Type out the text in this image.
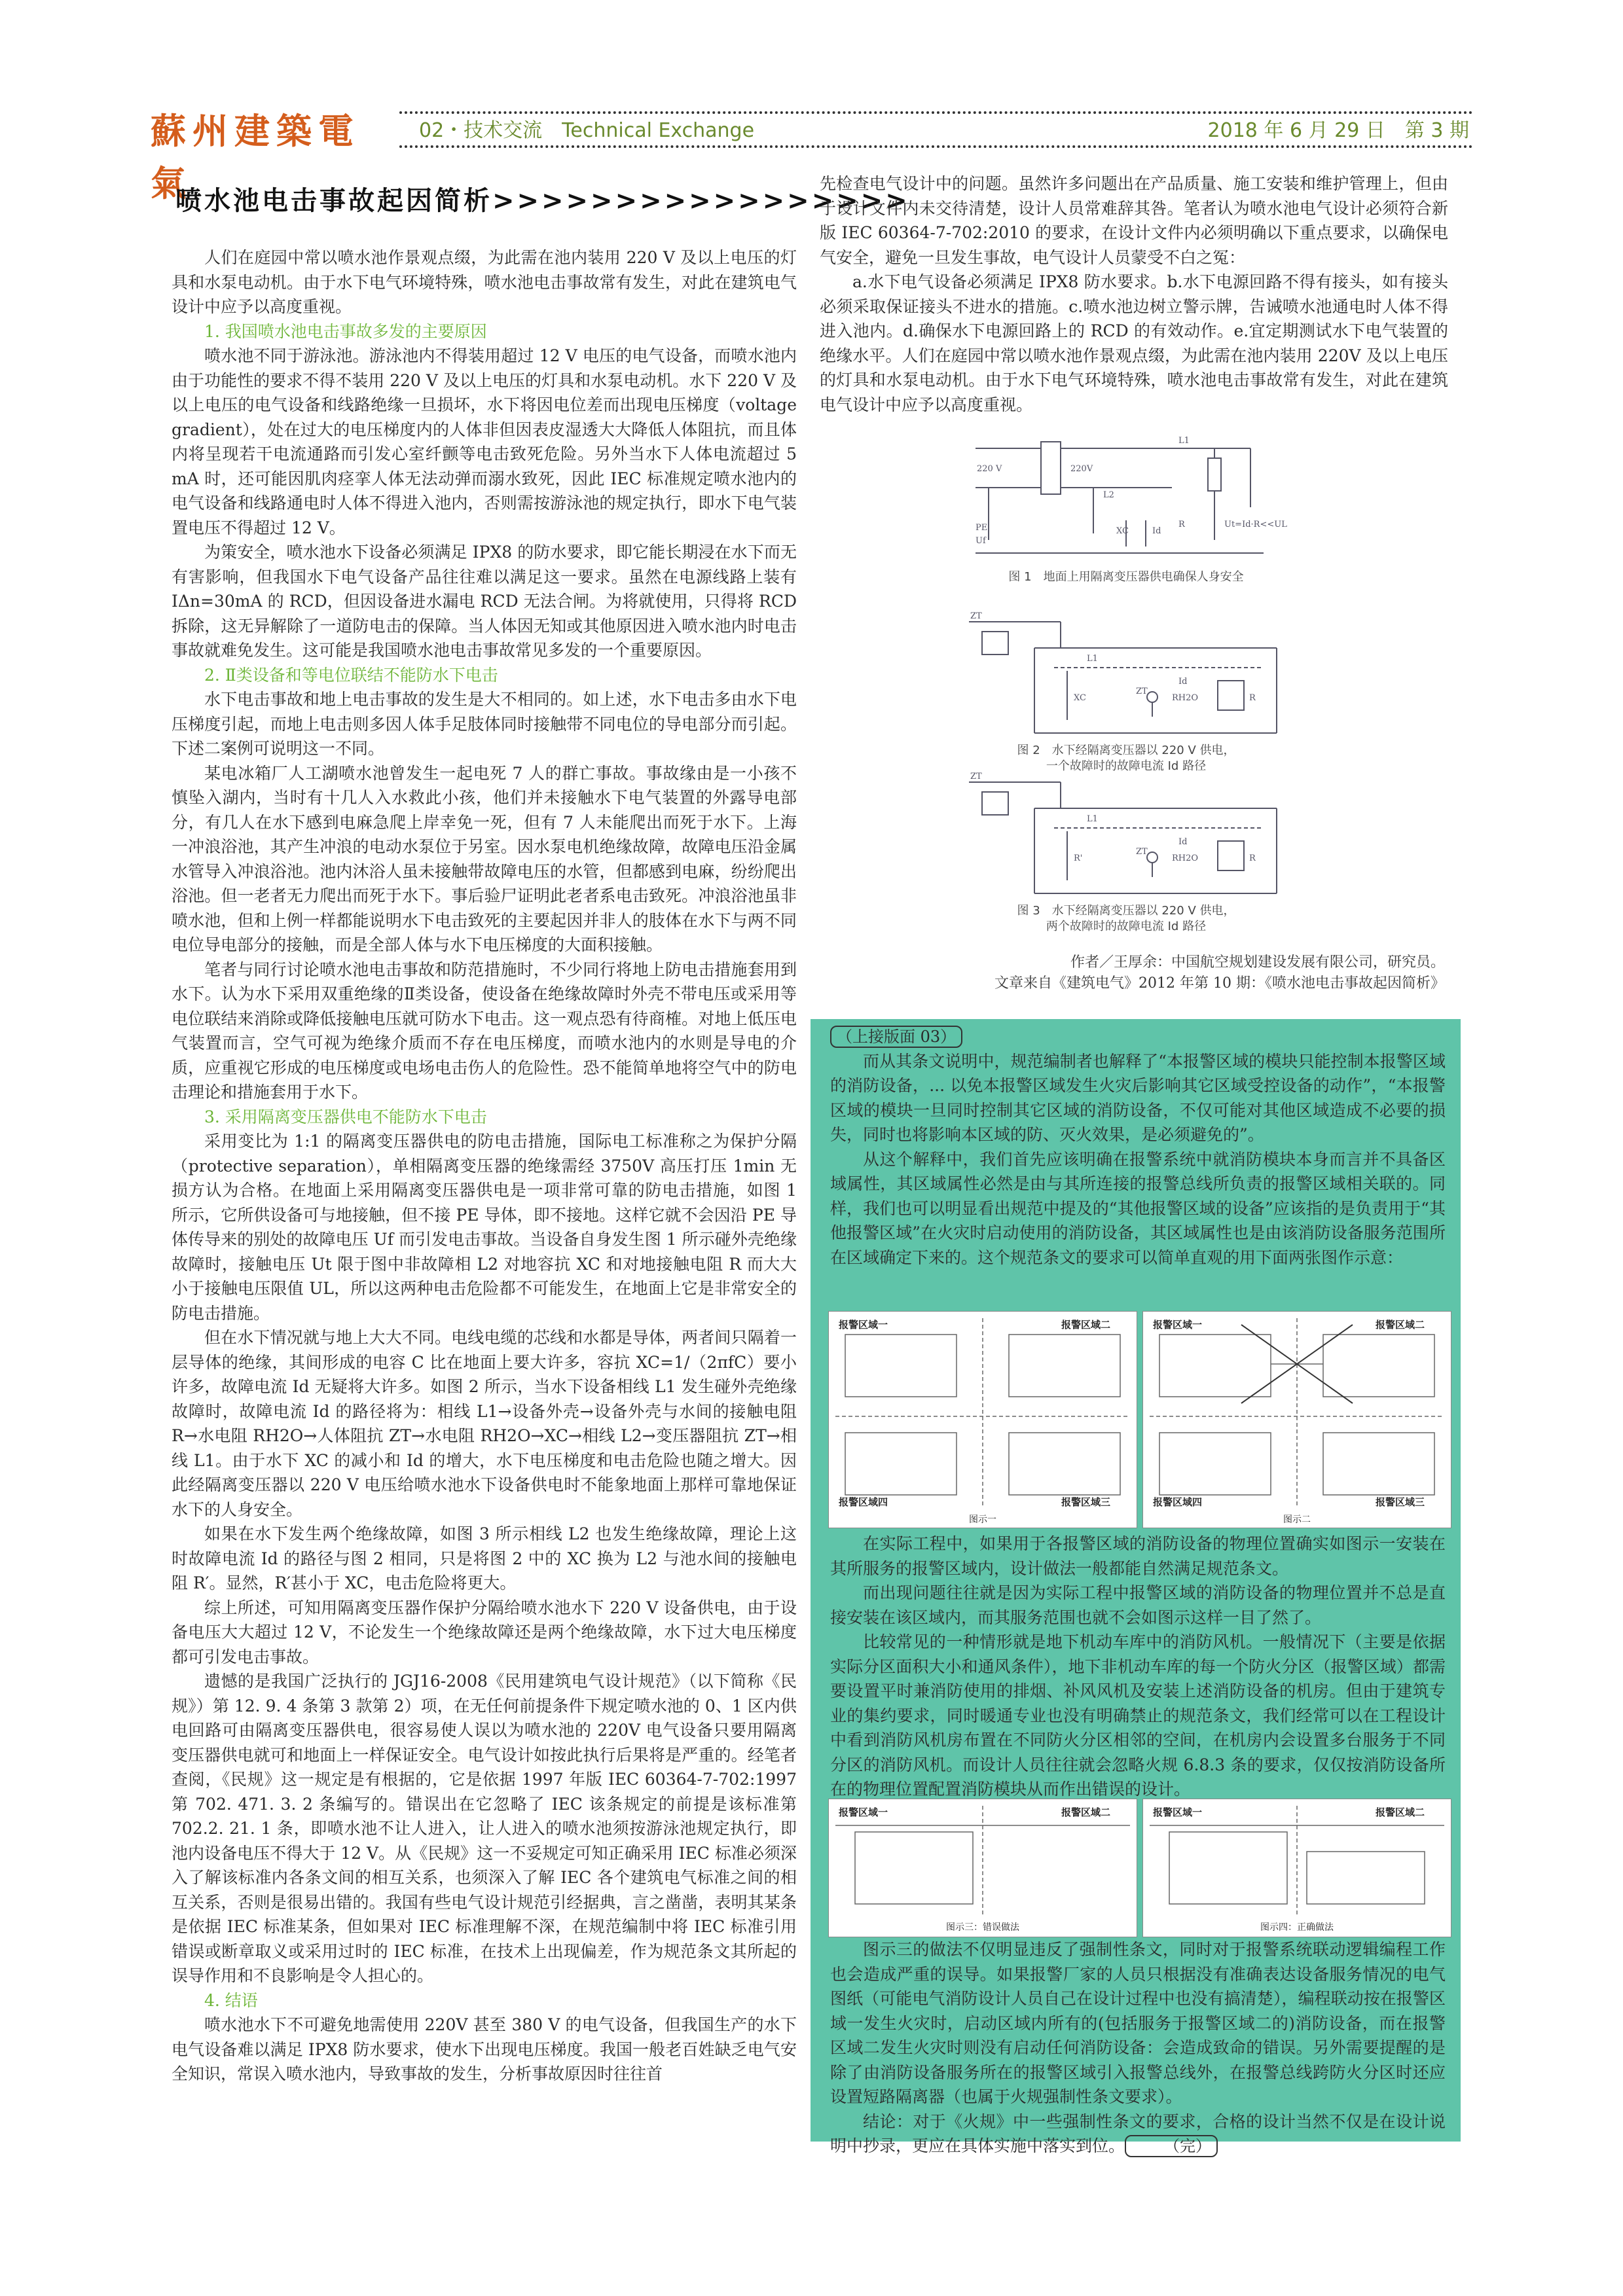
蘇州建築電氣
02・技术交流　Technical Exchange	2018 年 6 月 29 日　第 3 期
喷水池电击事故起因简析>>>>>>>>>>>>>>>>>

人们在庭园中常以喷水池作景观点缀，为此需在池内装用 220 V 及以上电压的灯具和水泵电动机。由于水下电气环境特殊，喷水池电击事故常有发生，对此在建筑电气设计中应予以高度重视。

1. 我国喷水池电击事故多发的主要原因

喷水池不同于游泳池。游泳池内不得装用超过 12 V 电压的电气设备，而喷水池内由于功能性的要求不得不装用 220 V 及以上电压的灯具和水泵电动机。水下 220 V 及以上电压的电气设备和线路绝缘一旦损坏，水下将因电位差而出现电压梯度（voltage gradient），处在过大的电压梯度内的人体非但因表皮湿透大大降低人体阻抗，而且体内将呈现若干电流通路而引发心室纤颤等电击致死危险。另外当水下人体电流超过 5 mA 时，还可能因肌肉痉挛人体无法动弹而溺水致死，因此 IEC 标准规定喷水池内的电气设备和线路通电时人体不得进入池内，否则需按游泳池的规定执行，即水下电气装置电压不得超过 12 V。

为策安全，喷水池水下设备必须满足 IPX8 的防水要求，即它能长期浸在水下而无有害影响，但我国水下电气设备产品往往难以满足这一要求。虽然在电源线路上装有 IΔn=30mA 的 RCD，但因设备进水漏电 RCD 无法合闸。为将就使用，只得将 RCD 拆除，这无异解除了一道防电击的保障。当人体因无知或其他原因进入喷水池内时电击事故就难免发生。这可能是我国喷水池电击事故常见多发的一个重要原因。

2. Ⅱ类设备和等电位联结不能防水下电击

水下电击事故和地上电击事故的发生是大不相同的。如上述，水下电击多由水下电压梯度引起，而地上电击则多因人体手足肢体同时接触带不同电位的导电部分而引起。下述二案例可说明这一不同。

某电冰箱厂人工湖喷水池曾发生一起电死 7 人的群亡事故。事故缘由是一小孩不慎坠入湖内，当时有十几人入水救此小孩，他们并未接触水下电气装置的外露导电部分，有几人在水下感到电麻急爬上岸幸免一死，但有 7 人未能爬出而死于水下。上海一冲浪浴池，其产生冲浪的电动水泵位于另室。因水泵电机绝缘故障，故障电压沿金属水管导入冲浪浴池。池内沐浴人虽未接触带故障电压的水管，但都感到电麻，纷纷爬出浴池。但一老者无力爬出而死于水下。事后验尸证明此老者系电击致死。冲浪浴池虽非喷水池，但和上例一样都能说明水下电击致死的主要起因并非人的肢体在水下与两不同电位导电部分的接触，而是全部人体与水下电压梯度的大面积接触。

笔者与同行讨论喷水池电击事故和防范措施时，不少同行将地上防电击措施套用到水下。认为水下采用双重绝缘的Ⅱ类设备，使设备在绝缘故障时外壳不带电压或采用等电位联结来消除或降低接触电压就可防水下电击。这一观点恐有待商榷。对地上低压电气装置而言，空气可视为绝缘介质而不存在电压梯度，而喷水池内的水则是导电的介质，应重视它形成的电压梯度或电场电击伤人的危险性。恐不能简单地将空气中的防电击理论和措施套用于水下。

3. 采用隔离变压器供电不能防水下电击

采用变比为 1:1 的隔离变压器供电的防电击措施，国际电工标准称之为保护分隔（protective separation），单相隔离变压器的绝缘需经 3750V 高压打压 1min 无损方认为合格。在地面上采用隔离变压器供电是一项非常可靠的防电击措施，如图 1 所示，它所供设备可与地接触，但不接 PE 导体，即不接地。这样它就不会因沿 PE 导体传导来的别处的故障电压 Uf 而引发电击事故。当设备自身发生图 1 所示碰外壳绝缘故障时，接触电压 Ut 限于图中非故障相 L2 对地容抗 XC 和对地接触电阻 R 而大大小于接触电压限值 UL，所以这两种电击危险都不可能发生，在地面上它是非常安全的防电击措施。

但在水下情况就与地上大大不同。电线电缆的芯线和水都是导体，两者间只隔着一层导体的绝缘，其间形成的电容 C 比在地面上要大许多，容抗 XC=1/（2πfC）要小许多，故障电流 Id 无疑将大许多。如图 2 所示，当水下设备相线 L1 发生碰外壳绝缘故障时，故障电流 Id 的路径将为：相线 L1→设备外壳→设备外壳与水间的接触电阻 R→水电阻 RH2O→人体阻抗 ZT→水电阻 RH2O→XC→相线 L2→变压器阻抗 ZT→相线 L1。由于水下 XC 的减小和 Id 的增大，水下电压梯度和电击危险也随之增大。因此经隔离变压器以 220 V 电压给喷水池水下设备供电时不能象地面上那样可靠地保证水下的人身安全。

如果在水下发生两个绝缘故障，如图 3 所示相线 L2 也发生绝缘故障，理论上这时故障电流 Id 的路径与图 2 相同，只是将图 2 中的 XC 换为 L2 与池水间的接触电阻 R′。显然，R′甚小于 XC，电击危险将更大。

综上所述，可知用隔离变压器作保护分隔给喷水池水下 220 V 设备供电，由于设备电压大大超过 12 V，不论发生一个绝缘故障还是两个绝缘故障，水下过大电压梯度都可引发电击事故。

遗憾的是我国广泛执行的 JGJ16-2008《民用建筑电气设计规范》（以下简称《民规》）第 12. 9. 4 条第 3 款第 2）项，在无任何前提条件下规定喷水池的 0、1 区内供电回路可由隔离变压器供电，很容易使人误以为喷水池的 220V 电气设备只要用隔离变压器供电就可和地面上一样保证安全。电气设计如按此执行后果将是严重的。经笔者查阅，《民规》这一规定是有根据的，它是依据 1997 年版 IEC 60364-7-702:1997 第 702. 471. 3. 2 条编写的。错误出在它忽略了 IEC 该条规定的前提是该标准第 702.2. 21. 1 条，即喷水池不让人进入，让人进入的喷水池须按游泳池规定执行，即池内设备电压不得大于 12 V。从《民规》这一不妥规定可知正确采用 IEC 标准必须深入了解该标准内各条文间的相互关系，也须深入了解 IEC 各个建筑电气标准之间的相互关系，否则是很易出错的。我国有些电气设计规范引经据典，言之凿凿，表明其某条是依据 IEC 标准某条，但如果对 IEC 标准理解不深，在规范编制中将 IEC 标准引用错误或断章取义或采用过时的 IEC 标准，在技术上出现偏差，作为规范条文其所起的误导作用和不良影响是令人担心的。

4. 结语

喷水池水下不可避免地需使用 220V 甚至 380 V 的电气设备，但我国生产的水下电气设备难以满足 IPX8 防水要求，使水下出现电压梯度。我国一般老百姓缺乏电气安全知识，常误入喷水池内，导致事故的发生，分析事故原因时往往首

先检查电气设计中的问题。虽然许多问题出在产品质量、施工安装和维护管理上，但由于设计文件内未交待清楚，设计人员常难辞其咎。笔者认为喷水池电气设计必须符合新版 IEC 60364-7-702:2010 的要求，在设计文件内必须明确以下重点要求，以确保电气安全，避免一旦发生事故，电气设计人员蒙受不白之冤：

a.水下电气设备必须满足 IPX8 防水要求。b.水下电源回路不得有接头，如有接头必须采取保证接头不进水的措施。c.喷水池边树立警示牌，告诫喷水池通电时人体不得进入池内。d.确保水下电源回路上的 RCD 的有效动作。e.宜定期测试水下电气装置的绝缘水平。人们在庭园中常以喷水池作景观点缀，为此需在池内装用 220V 及以上电压的灯具和水泵电动机。由于水下电气环境特殊，喷水池电击事故常有发生，对此在建筑电气设计中应予以高度重视。

220 V	220V
L1
L2
PE
Uf
XC	Id
R	Ut=Id·R<<UL
图 1　地面上用隔离变压器供电确保人身安全
ZT
L1
XC
ZT
RH2O
Id
R
图 2　水下经隔离变压器以 220 V 供电，
一个故障时的故障电流 Id 路径
ZT
L1
R'
ZT
RH2O
Id
R
图 3　水下经隔离变压器以 220 V 供电，
两个故障时的故障电流 Id 路径
作者／王厚余：中国航空规划建设发展有限公司，研究员。
文章来自《建筑电气》2012 年第 10 期：《喷水池电击事故起因简析》

（上接版面 03）

而从其条文说明中，规范编制者也解释了“本报警区域的模块只能控制本报警区域的消防设备，... 以免本报警区域发生火灾后影响其它区域受控设备的动作”，“本报警区域的模块一旦同时控制其它区域的消防设备，不仅可能对其他区域造成不必要的损失，同时也将影响本区域的防、灭火效果，是必须避免的”。

从这个解释中，我们首先应该明确在报警系统中就消防模块本身而言并不具备区域属性，其区域属性必然是由与其所连接的报警总线所负责的报警区域相关联的。同样，我们也可以明显看出规范中提及的“其他报警区域的设备”应该指的是负责用于“其他报警区域”在火灾时启动使用的消防设备，其区域属性也是由该消防设备服务范围所在区域确定下来的。这个规范条文的要求可以简单直观的用下面两张图作示意：

报警区域一	报警区域二
报警区域四	报警区域三
图示一
报警区域一	报警区域二
报警区域四	报警区域三
图示二

在实际工程中，如果用于各报警区域的消防设备的物理位置确实如图示一安装在其所服务的报警区域内，设计做法一般都能自然满足规范条文。

而出现问题往往就是因为实际工程中报警区域的消防设备的物理位置并不总是直接安装在该区域内，而其服务范围也就不会如图示这样一目了然了。

比较常见的一种情形就是地下机动车库中的消防风机。一般情况下（主要是依据实际分区面积大小和通风条件），地下非机动车库的每一个防火分区（报警区域）都需要设置平时兼消防使用的排烟、补风风机及安装上述消防设备的机房。但由于建筑专业的集约要求，同时暖通专业也没有明确禁止的规范条文，我们经常可以在工程设计中看到消防风机房布置在不同防火分区相邻的空间，在机房内会设置多台服务于不同分区的消防风机。而设计人员往往就会忽略火规 6.8.3 条的要求，仅仅按消防设备所在的物理位置配置消防模块从而作出错误的设计。

报警区域一	报警区域二
图示三：错误做法
报警区域一	报警区域二
图示四：正确做法

图示三的做法不仅明显违反了强制性条文，同时对于报警系统联动逻辑编程工作也会造成严重的误导。如果报警厂家的人员只根据没有准确表达设备服务情况的电气图纸（可能电气消防设计人员自己在设计过程中也没有搞清楚），编程联动按在报警区域一发生火灾时，启动区域内所有的(包括服务于报警区域二的)消防设备，而在报警区域二发生火灾时则没有启动任何消防设备：会造成致命的错误。另外需要提醒的是除了由消防设备服务所在的报警区域引入报警总线外，在报警总线跨防火分区时还应设置短路隔离器（也属于火规强制性条文要求）。

结论：对于《火规》中一些强制性条文的要求，合格的设计当然不仅是在设计说明中抄录，更应在具体实施中落实到位。	（完）
